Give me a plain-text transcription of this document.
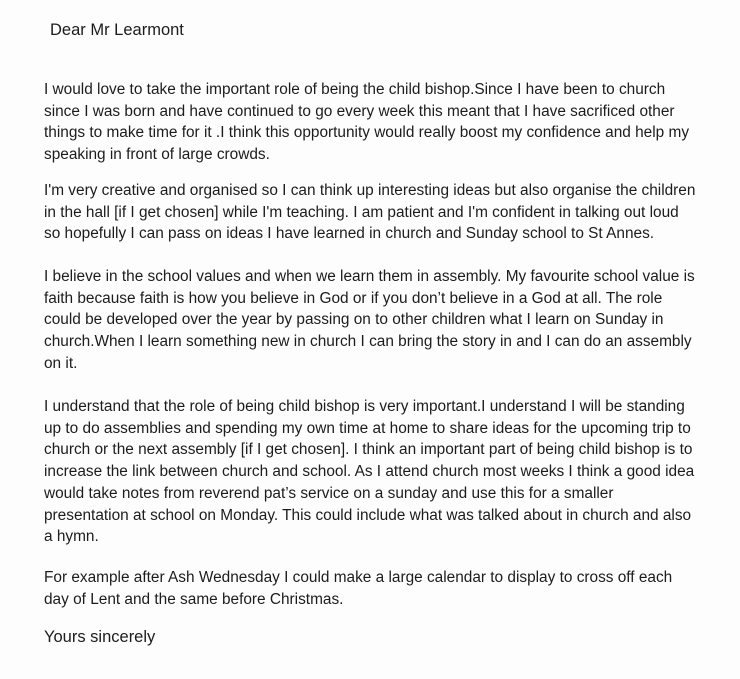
Dear Mr Learmont

I would love to take the important role of being the child bishop.Since I have been to church
since I was born and have continued to go every week this meant that I have sacrificed other
things to make time for it .I think this opportunity would really boost my confidence and help my
speaking in front of large crowds.

I'm very creative and organised so I can think up interesting ideas but also organise the children
in the hall [if I get chosen] while I'm teaching. I am patient and I'm confident in talking out loud
so hopefully I can pass on ideas I have learned in church and Sunday school to St Annes.

I believe in the school values and when we learn them in assembly. My favourite school value is
faith because faith is how you believe in God or if you don’t believe in a God at all. The role
could be developed over the year by passing on to other children what I learn on Sunday in
church.When I learn something new in church I can bring the story in and I can do an assembly
on it.

I understand that the role of being child bishop is very important.I understand I will be standing
up to do assemblies and spending my own time at home to share ideas for the upcoming trip to
church or the next assembly [if I get chosen]. I think an important part of being child bishop is to
increase the link between church and school. As I attend church most weeks I think a good idea
would take notes from reverend pat’s service on a sunday and use this for a smaller
presentation at school on Monday. This could include what was talked about in church and also
a hymn.

For example after Ash Wednesday I could make a large calendar to display to cross off each
day of Lent and the same before Christmas.

Yours sincerely
